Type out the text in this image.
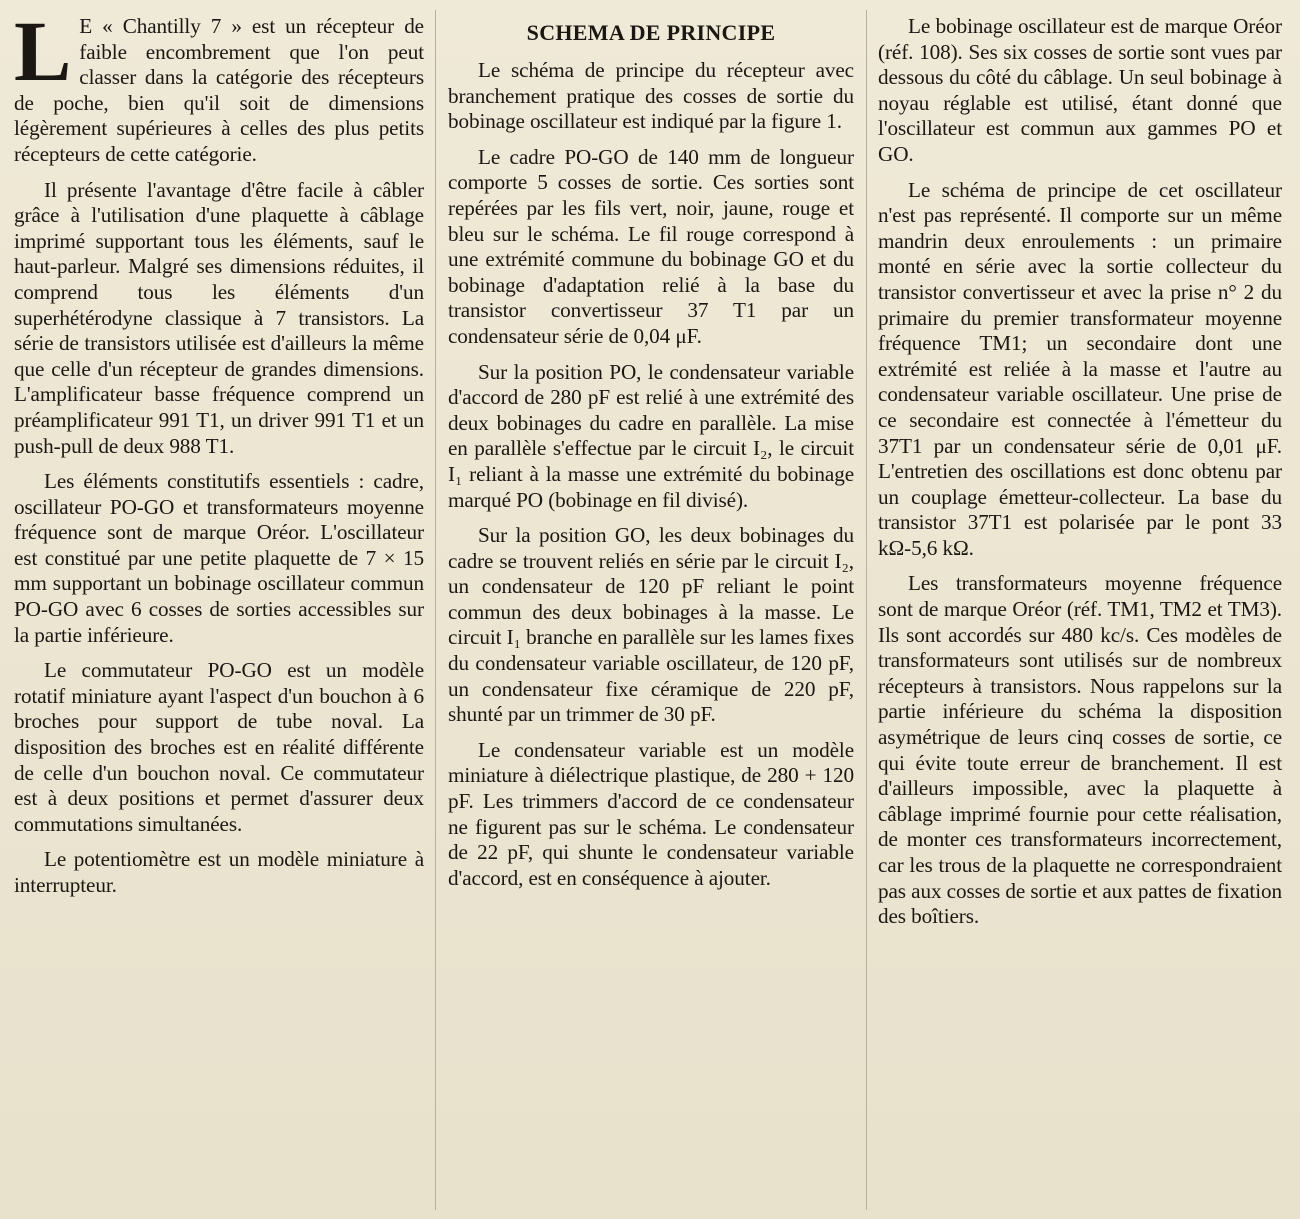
L E « Chantilly 7 » est un récepteur de faible encombrement que l'on peut classer dans la catégorie des récepteurs de poche, bien qu'il soit de dimensions légèrement supérieures à celles des plus petits récepteurs de cette catégorie.

Il présente l'avantage d'être facile à câbler grâce à l'utilisation d'une plaquette à câblage imprimé supportant tous les éléments, sauf le haut-parleur. Malgré ses dimensions réduites, il comprend tous les éléments d'un superhétérodyne classique à 7 transistors. La série de transistors utilisée est d'ailleurs la même que celle d'un récepteur de grandes dimensions. L'amplificateur basse fréquence comprend un préamplificateur 991 T1, un driver 991 T1 et un push-pull de deux 988 T1.

Les éléments constitutifs essentiels : cadre, oscillateur PO-GO et transformateurs moyenne fréquence sont de marque Oréor. L'oscillateur est constitué par une petite plaquette de 7 × 15 mm supportant un bobinage oscillateur commun PO-GO avec 6 cosses de sorties accessibles sur la partie inférieure.

Le commutateur PO-GO est un modèle rotatif miniature ayant l'aspect d'un bouchon à 6 broches pour support de tube noval. La disposition des broches est en réalité différente de celle d'un bouchon noval. Ce commutateur est à deux positions et permet d'assurer deux commutations simultanées.

Le potentiomètre est un modèle miniature à interrupteur.

SCHEMA DE PRINCIPE

Le schéma de principe du récepteur avec branchement pratique des cosses de sortie du bobinage oscillateur est indiqué par la figure 1.

Le cadre PO-GO de 140 mm de longueur comporte 5 cosses de sortie. Ces sorties sont repérées par les fils vert, noir, jaune, rouge et bleu sur le schéma. Le fil rouge correspond à une extrémité commune du bobinage GO et du bobinage d'adaptation relié à la base du transistor convertisseur 37 T1 par un condensateur série de 0,04 μF.

Sur la position PO, le condensateur variable d'accord de 280 pF est relié à une extrémité des deux bobinages du cadre en parallèle. La mise en parallèle s'effectue par le circuit I₂, le circuit I₁ reliant à la masse une extrémité du bobinage marqué PO (bobinage en fil divisé).

Sur la position GO, les deux bobinages du cadre se trouvent reliés en série par le circuit I₂, un condensateur de 120 pF reliant le point commun des deux bobinages à la masse. Le circuit I₁ branche en parallèle sur les lames fixes du condensateur variable oscillateur, de 120 pF, un condensateur fixe céramique de 220 pF, shunté par un trimmer de 30 pF.

Le condensateur variable est un modèle miniature à diélectrique plastique, de 280 + 120 pF. Les trimmers d'accord de ce condensateur ne figurent pas sur le schéma. Le condensateur de 22 pF, qui shunte le condensateur variable d'accord, est en conséquence à ajouter.

Le bobinage oscillateur est de marque Oréor (réf. 108). Ses six cosses de sortie sont vues par dessous du côté du câblage. Un seul bobinage à noyau réglable est utilisé, étant donné que l'oscillateur est commun aux gammes PO et GO.

Le schéma de principe de cet oscillateur n'est pas représenté. Il comporte sur un même mandrin deux enroulements : un primaire monté en série avec la sortie collecteur du transistor convertisseur et avec la prise n° 2 du primaire du premier transformateur moyenne fréquence TM1; un secondaire dont une extrémité est reliée à la masse et l'autre au condensateur variable oscillateur. Une prise de ce secondaire est connectée à l'émetteur du 37T1 par un condensateur série de 0,01 μF. L'entretien des oscillations est donc obtenu par un couplage émetteur-collecteur. La base du transistor 37T1 est polarisée par le pont 33 kΩ-5,6 kΩ.

Les transformateurs moyenne fréquence sont de marque Oréor (réf. TM1, TM2 et TM3). Ils sont accordés sur 480 kc/s. Ces modèles de transformateurs sont utilisés sur de nombreux récepteurs à transistors. Nous rappelons sur la partie inférieure du schéma la disposition asymétrique de leurs cinq cosses de sortie, ce qui évite toute erreur de branchement. Il est d'ailleurs impossible, avec la plaquette à câblage imprimé fournie pour cette réalisation, de monter ces transformateurs incorrectement, car les trous de la plaquette ne correspondraient pas aux cosses de sortie et aux pattes de fixation des boîtiers.
